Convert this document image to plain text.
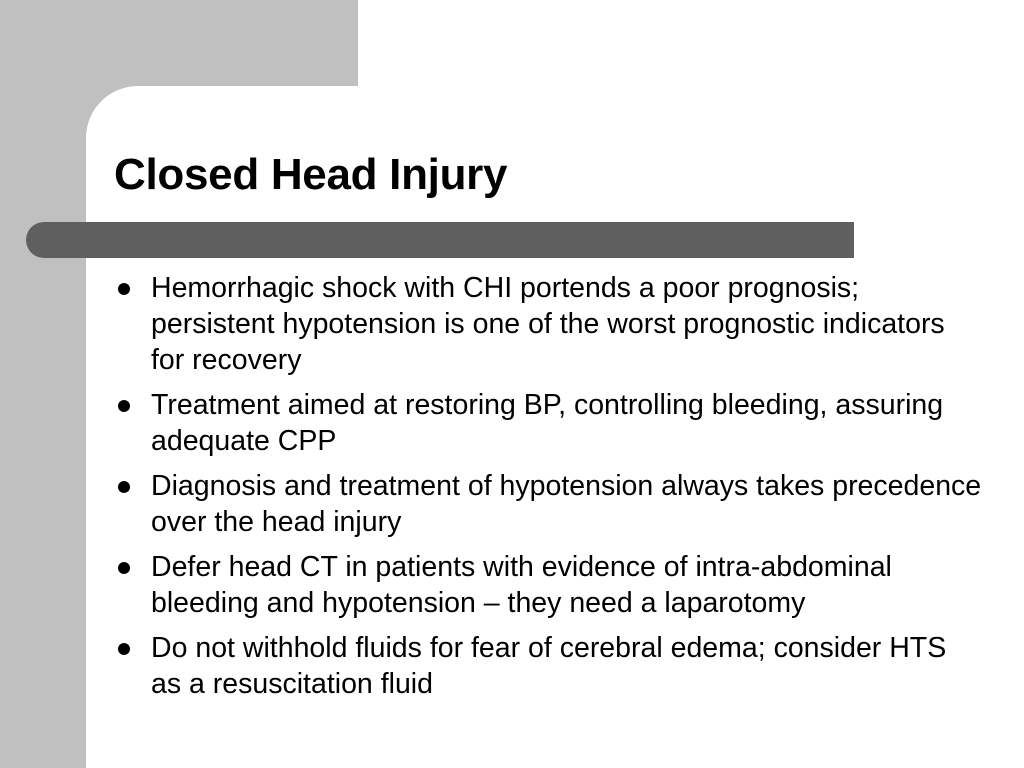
Closed Head Injury
Hemorrhagic shock with CHI portends a poor prognosis; persistent hypotension is one of the worst prognostic indicators for recovery
Treatment aimed at restoring BP, controlling bleeding, assuring adequate CPP
Diagnosis and treatment of hypotension always takes precedence over the head injury
Defer head CT in patients with evidence of intra-abdominal bleeding and hypotension – they need a laparotomy
Do not withhold fluids for fear of cerebral edema; consider HTS as a resuscitation fluid
